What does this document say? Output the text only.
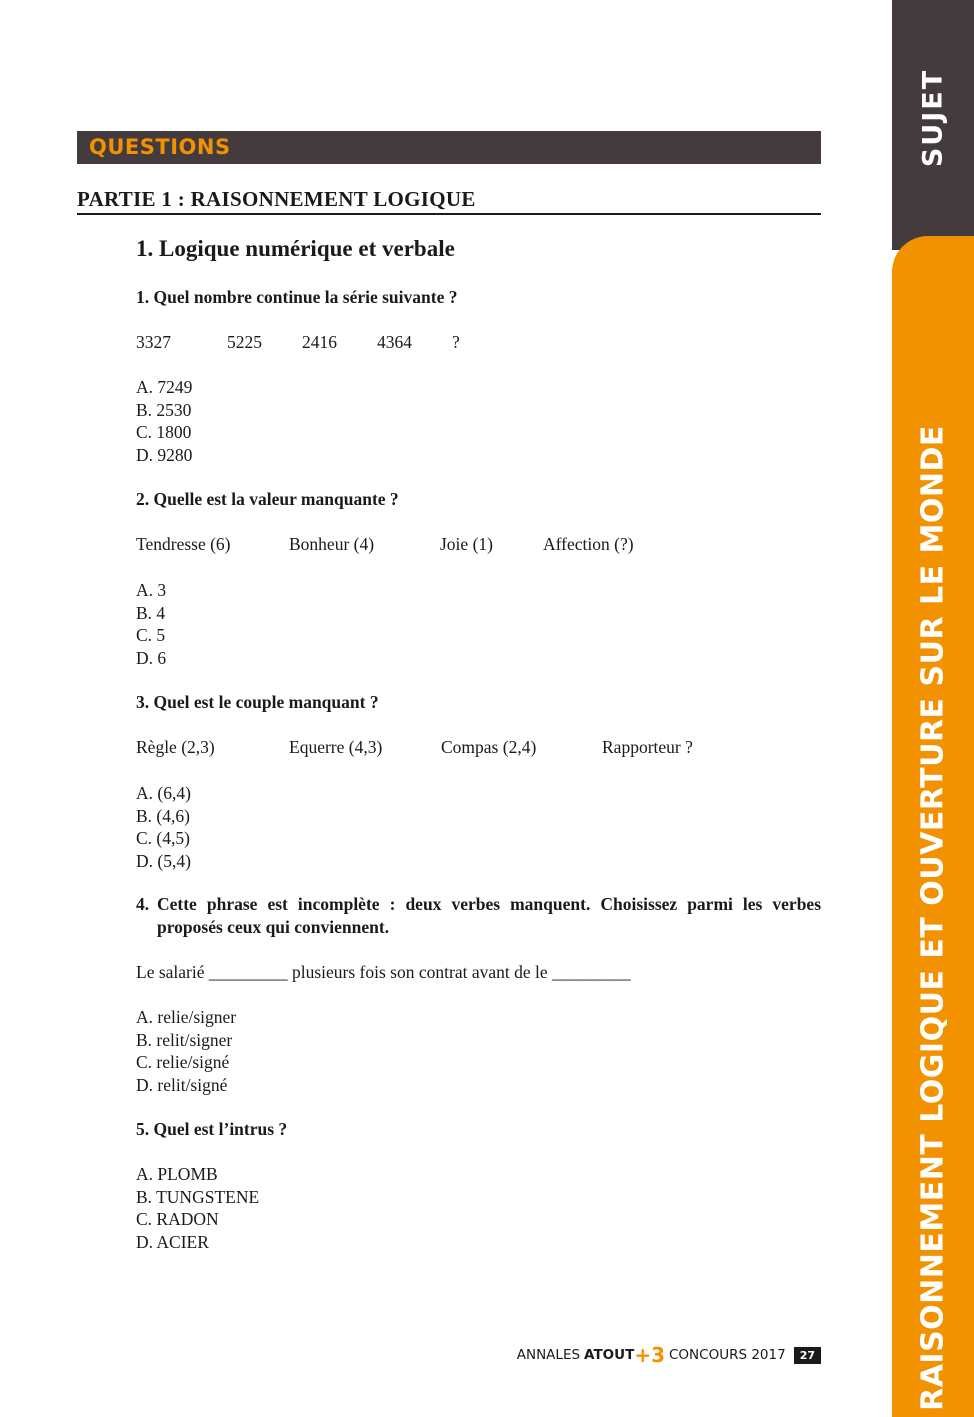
SUJET
RAISONNEMENT LOGIQUE ET OUVERTURE SUR LE MONDE
QUESTIONS
PARTIE 1 : RAISONNEMENT LOGIQUE
1. Logique numérique et verbale
1. Quel nombre continue la série suivante ?
3327	5225 2416 4364 ?
A. 7249
B. 2530
C. 1800
D. 9280
2. Quelle est la valeur manquante ?
Tendresse (6)	Bonheur (4)	Joie (1)	Affection (?)
A. 3
B. 4
C. 5
D. 6
3. Quel est le couple manquant ?
Règle (2,3)	Equerre (4,3)	Compas (2,4)	Rapporteur ?
A. (6,4)
B. (4,6)
C. (4,5)
D. (5,4)
4. Cette phrase est incomplète : deux verbes manquent. Choisissez parmi les verbes proposés ceux qui conviennent.
Le salarié _________ plusieurs fois son contrat avant de le _________
A. relie/signer
B. relit/signer
C. relie/signé
D. relit/signé
5. Quel est l’intrus ?
A. PLOMB
B. TUNGSTENE
C. RADON
D. ACIER
ANNALES ATOUT +3 CONCOURS 2017	27
